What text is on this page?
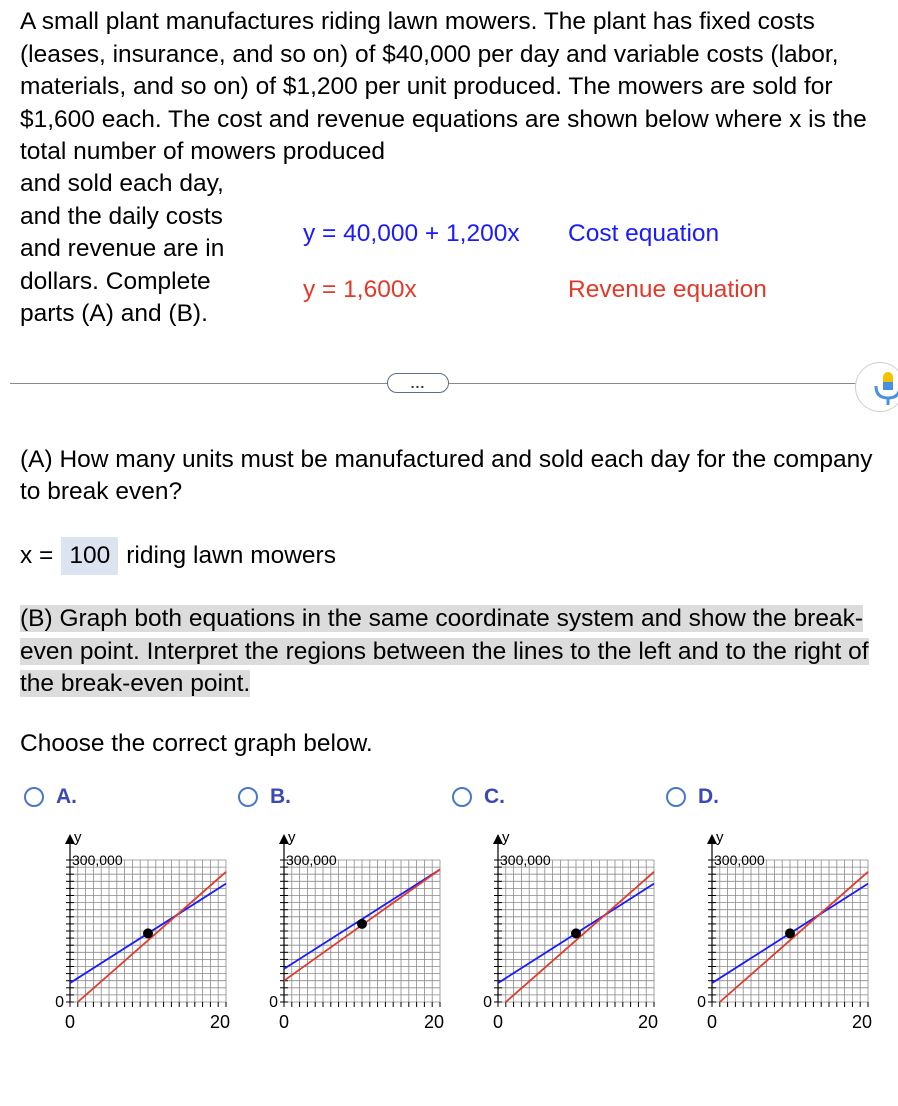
A small plant manufactures riding lawn mowers. The plant has fixed costs (leases, insurance, and so on) of $40,000 per day and variable costs (labor, materials, and so on) of $1,200 per unit produced. The mowers are sold for $1,600 each. The cost and revenue equations are shown below where x is the total number of mowers produced

and sold each day, and the daily costs and revenue are in dollars. Complete parts (A) and (B).

y = 40,000 + 1,200x Cost equation
y = 1,600x	Revenue equation
...

(A) How many units must be manufactured and sold each day for the company to break even?

x = 100 riding lawn mowers

(B) Graph both equations in the same coordinate system and show the break-even point. Interpret the regions between the lines to the left and to the right of the break-even point.

Choose the correct graph below.
A.	B.	C.	D.
y
300,000
0
0	20
y
300,000
0
0	20
y
300,000
0
0	20
y
300,000
0
0	20
